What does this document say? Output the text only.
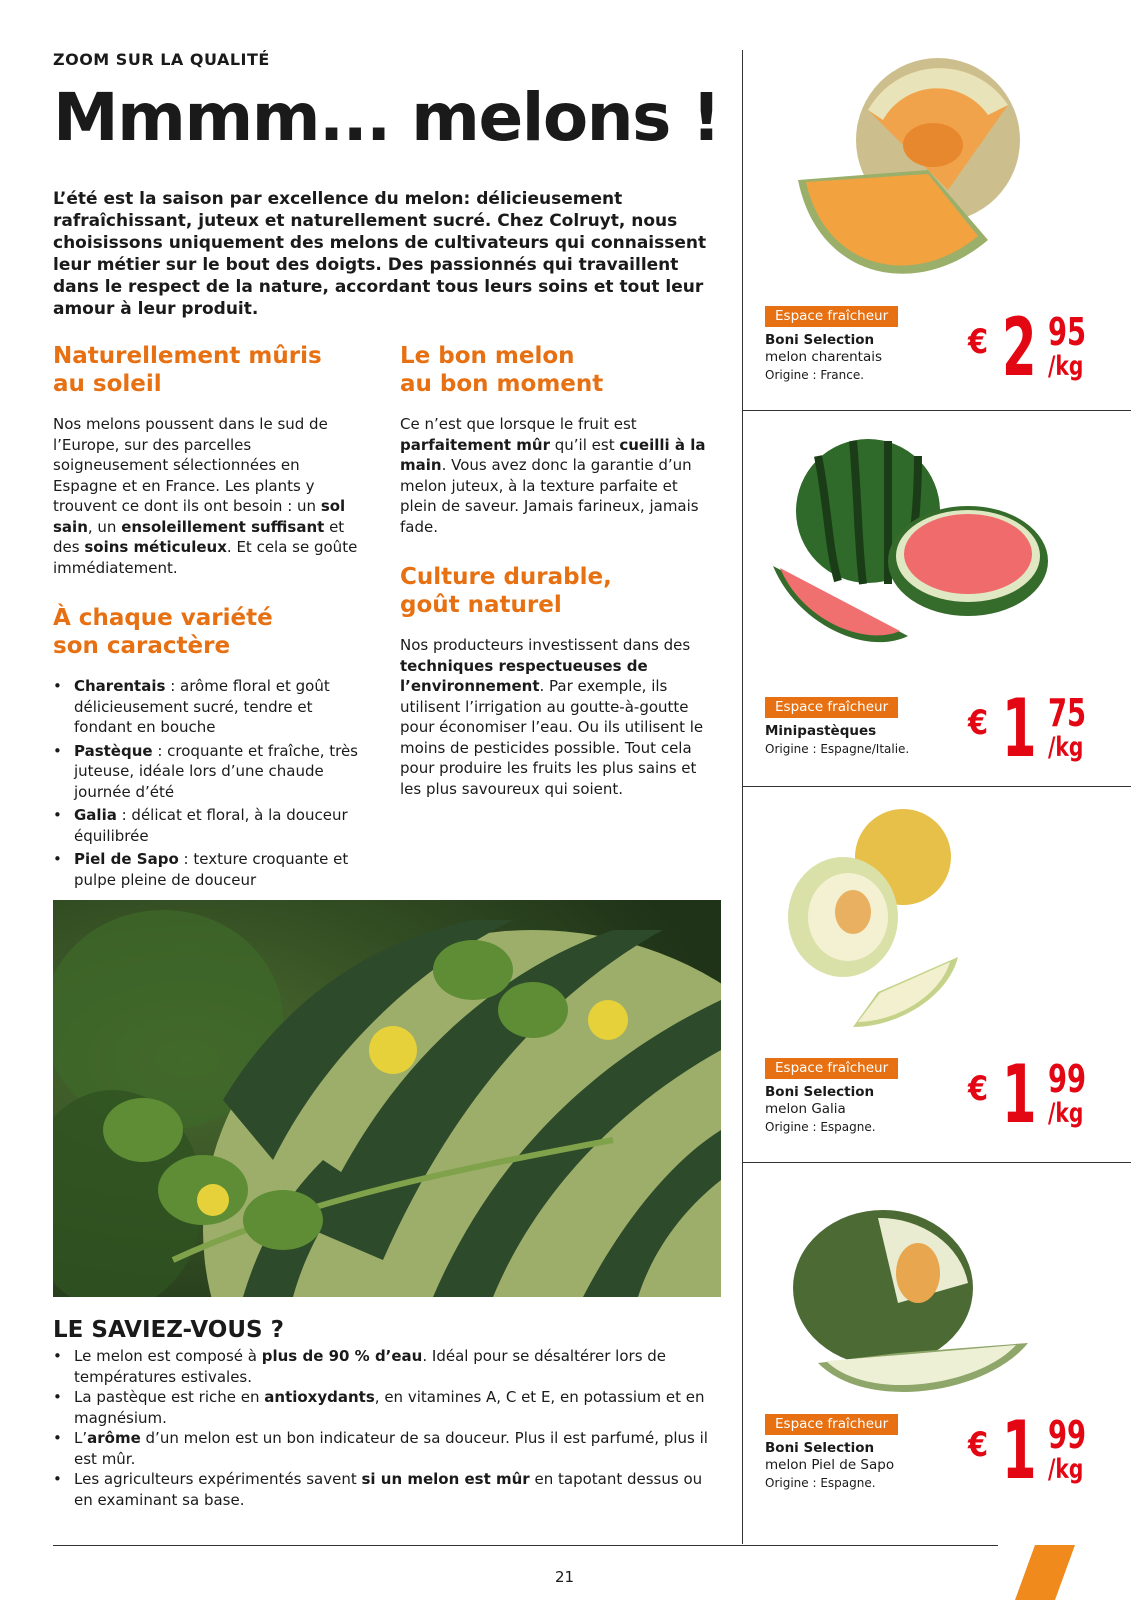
ZOOM SUR LA QUALITÉ
Mmmm... melons !

L’été est la saison par excellence du melon: délicieusement rafraîchissant, juteux et naturellement sucré. Chez Colruyt, nous choisissons uniquement des melons de cultivateurs qui connaissent leur métier sur le bout des doigts. Des passionnés qui travaillent dans le respect de la nature, accordant tous leurs soins et tout leur amour à leur produit.

Naturellement mûris
au soleil

Nos melons poussent dans le sud de l’Europe, sur des parcelles soigneusement sélectionnées en Espagne et en France. Les plants y trouvent ce dont ils ont besoin : un sol sain, un ensoleillement suffisant et des soins méticuleux. Et cela se goûte immédiatement.

À chaque variété
son caractère
• Charentais : arôme floral et goût délicieusement sucré, tendre et fondant en bouche
• Pastèque : croquante et fraîche, très juteuse, idéale lors d’une chaude journée d’été
• Galia : délicat et floral, à la douceur équilibrée
• Piel de Sapo : texture croquante et pulpe pleine de douceur
Le bon melon
au bon moment

Ce n’est que lorsque le fruit est parfaitement mûr qu’il est cueilli à la main. Vous avez donc la garantie d’un melon juteux, à la texture parfaite et plein de saveur. Jamais farineux, jamais fade.

Culture durable,
goût naturel

Nos producteurs investissent dans des techniques respectueuses de l’environnement. Par exemple, ils utilisent l’irrigation au goutte-à-goutte pour économiser l’eau. Ou ils utilisent le moins de pesticides possible. Tout cela pour produire les fruits les plus sains et les plus savoureux qui soient.

LE SAVIEZ-VOUS ?
• Le melon est composé à plus de 90 % d’eau. Idéal pour se désaltérer lors de températures estivales.
• La pastèque est riche en antioxydants, en vitamines A, C et E, en potassium et en magnésium.
• L’arôme d’un melon est un bon indicateur de sa douceur. Plus il est parfumé, plus il est mûr.
• Les agriculteurs expérimentés savent si un melon est mûr en tapotant dessus ou en examinant sa base.
21
Espace fraîcheur
Boni Selection
melon charentais
Origine : France.
€ 2 95
/kg
Espace fraîcheur
Minipastèques
Origine : Espagne/Italie.
€ 1 75
/kg
Espace fraîcheur
Boni Selection
melon Galia
Origine : Espagne.
€ 1 99
/kg
Espace fraîcheur
Boni Selection
melon Piel de Sapo
Origine : Espagne.
€ 1 99
/kg
